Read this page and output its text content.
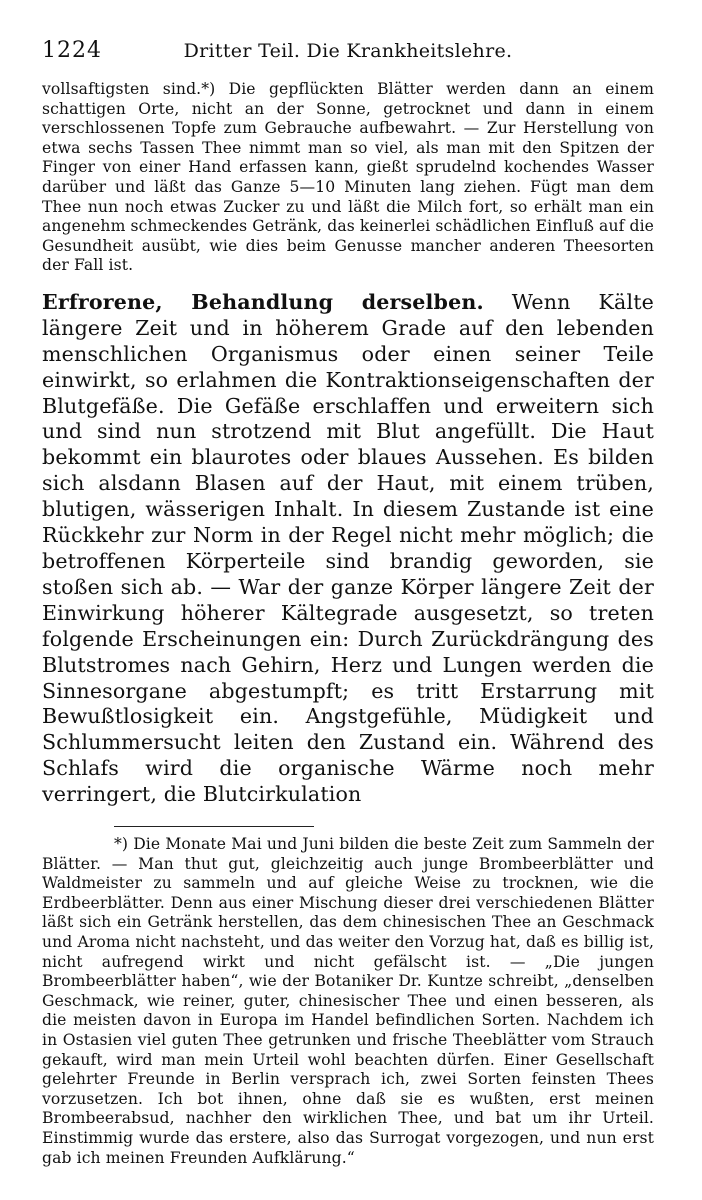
1224	Dritter Teil. Die Krankheitslehre.

vollsaftigsten sind.*) Die gepflückten Blätter werden dann an einem schattigen Orte, nicht an der Sonne, getrocknet und dann in einem verschlossenen Topfe zum Gebrauche aufbewahrt. — Zur Herstellung von etwa sechs Tassen Thee nimmt man so viel, als man mit den Spitzen der Finger von einer Hand erfassen kann, gießt sprudelnd kochendes Wasser darüber und läßt das Ganze 5—10 Minuten lang ziehen. Fügt man dem Thee nun noch etwas Zucker zu und läßt die Milch fort, so erhält man ein angenehm schmeckendes Getränk, das keinerlei schädlichen Einfluß auf die Gesundheit ausübt, wie dies beim Genusse mancher anderen Theesorten der Fall ist.

Erfrorene, Behandlung derselben. Wenn Kälte längere Zeit und in höherem Grade auf den lebenden menschlichen Organismus oder einen seiner Teile einwirkt, so erlahmen die Kontraktionseigenschaften der Blutgefäße. Die Gefäße erschlaffen und erweitern sich und sind nun strotzend mit Blut angefüllt. Die Haut bekommt ein blaurotes oder blaues Aussehen. Es bilden sich alsdann Blasen auf der Haut, mit einem trüben, blutigen, wässerigen Inhalt. In diesem Zustande ist eine Rückkehr zur Norm in der Regel nicht mehr möglich; die betroffenen Körperteile sind brandig geworden, sie stoßen sich ab. — War der ganze Körper längere Zeit der Einwirkung höherer Kältegrade ausgesetzt, so treten folgende Erscheinungen ein: Durch Zurückdrängung des Blutstromes nach Gehirn, Herz und Lungen werden die Sinnesorgane abgestumpft; es tritt Erstarrung mit Bewußtlosigkeit ein. Angstgefühle, Müdigkeit und Schlummersucht leiten den Zustand ein. Während des Schlafs wird die organische Wärme noch mehr verringert, die Blutcirkulation

*) Die Monate Mai und Juni bilden die beste Zeit zum Sammeln der Blätter. — Man thut gut, gleichzeitig auch junge Brombeerblätter und Waldmeister zu sammeln und auf gleiche Weise zu trocknen, wie die Erdbeerblätter. Denn aus einer Mischung dieser drei verschiedenen Blätter läßt sich ein Getränk herstellen, das dem chinesischen Thee an Geschmack und Aroma nicht nachsteht, und das weiter den Vorzug hat, daß es billig ist, nicht aufregend wirkt und nicht gefälscht ist. — „Die jungen Brombeerblätter haben“, wie der Botaniker Dr. Kuntze schreibt, „denselben Geschmack, wie reiner, guter, chinesischer Thee und einen besseren, als die meisten davon in Europa im Handel befindlichen Sorten. Nachdem ich in Ostasien viel guten Thee getrunken und frische Theeblätter vom Strauch gekauft, wird man mein Urteil wohl beachten dürfen. Einer Gesellschaft gelehrter Freunde in Berlin versprach ich, zwei Sorten feinsten Thees vorzusetzen. Ich bot ihnen, ohne daß sie es wußten, erst meinen Brombeerabsud, nachher den wirklichen Thee, und bat um ihr Urteil. Einstimmig wurde das erstere, also das Surrogat vorgezogen, und nun erst gab ich meinen Freunden Aufklärung.“
